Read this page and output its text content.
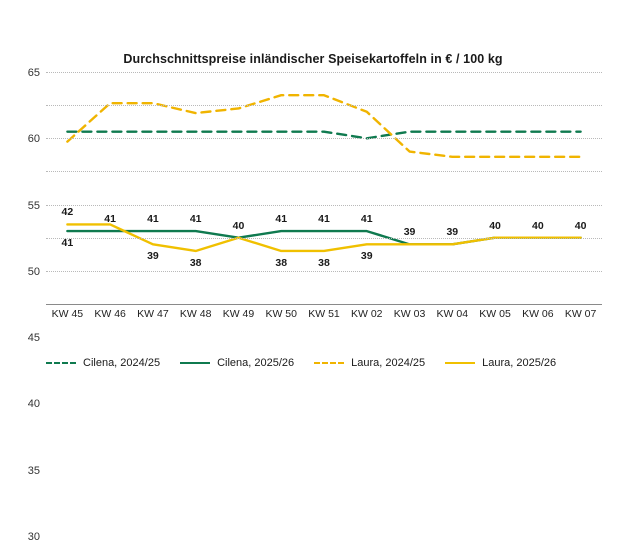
Durchschnittspreise inländischer Speisekartoffeln in € / 100 kg
30
35
40
45
50
55
60
65
42
41
41	41
39
41
38
40
41
38
41
38
41
39
39	39
40	40	40
KW 45 KW 46 KW 47 KW 48 KW 49 KW 50 KW 51 KW 02 KW 03 KW 04 KW 05 KW 06 KW 07
Cilena, 2024/25	Cilena, 2025/26	Laura, 2024/25	Laura, 2025/26
